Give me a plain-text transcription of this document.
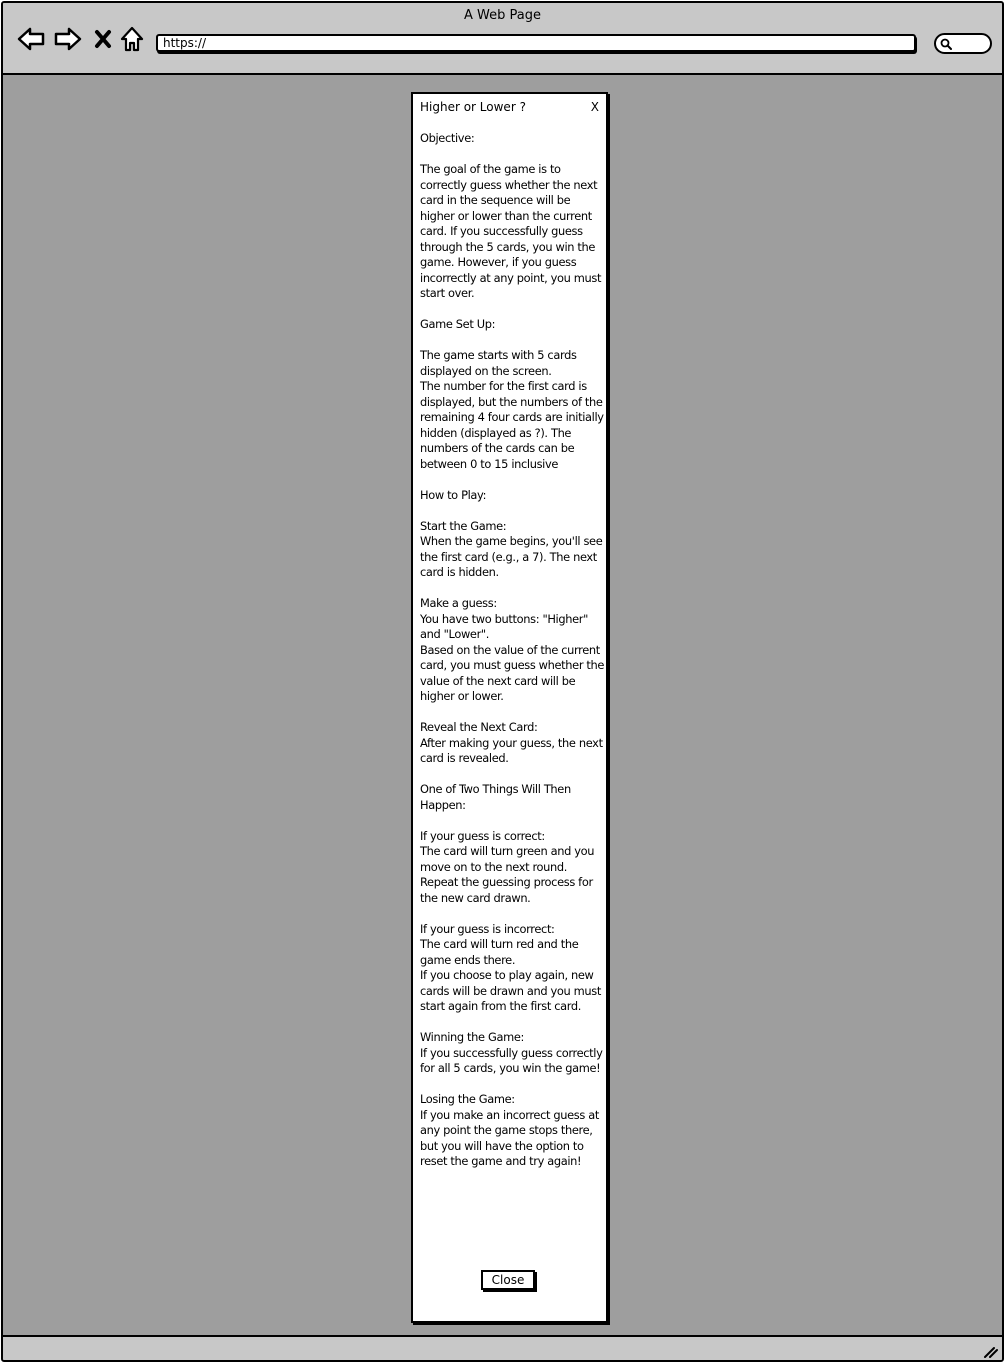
A Web Page
https://
Higher or Lower ?	X
Objective:

The goal of the game is to correctly guess whether the next card in the sequence will be higher or lower than the current card. If you successfully guess through the 5 cards, you win the game. However, if you guess incorrectly at any point, you must start over.

Game Set Up:

The game starts with 5 cards displayed on the screen.
The number for the first card is displayed, but the numbers of the remaining 4 four cards are initially hidden (displayed as ?). The numbers of the cards can be between 0 to 15 inclusive

How to Play:

Start the Game:
When the game begins, you'll see the first card (e.g., a 7). The next card is hidden.

Make a guess:
You have two buttons: "Higher" and "Lower".
Based on the value of the current card, you must guess whether the value of the next card will be higher or lower.

Reveal the Next Card:
After making your guess, the next card is revealed.

One of Two Things Will Then Happen:

If your guess is correct:
The card will turn green and you move on to the next round. Repeat the guessing process for the new card drawn.

If your guess is incorrect:
The card will turn red and the game ends there.
If you choose to play again, new cards will be drawn and you must start again from the first card.

Winning the Game:
If you successfully guess correctly for all 5 cards, you win the game!

Losing the Game:
If you make an incorrect guess at any point the game stops there, but you will have the option to reset the game and try again!
Close
